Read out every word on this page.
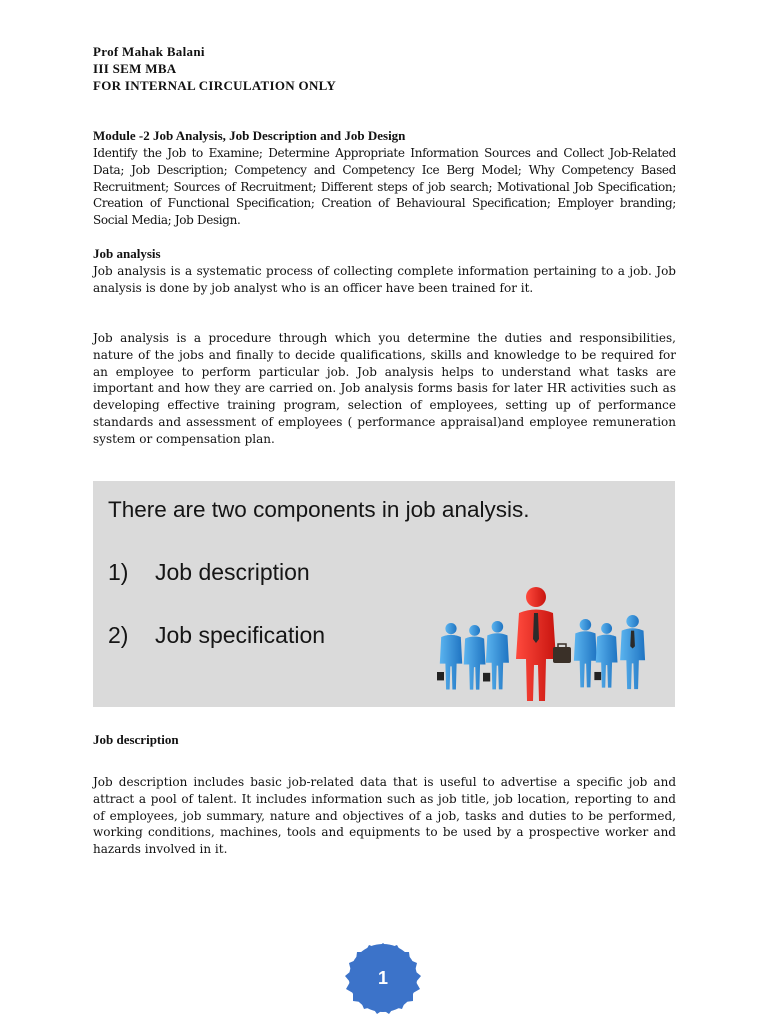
Prof Mahak Balani
III SEM MBA
FOR INTERNAL CIRCULATION ONLY
Module -2 Job Analysis, Job Description and Job Design

Identify the Job to Examine; Determine Appropriate Information Sources and Collect Job-Related Data; Job Description; Competency and Competency Ice Berg Model; Why Competency Based Recruitment; Sources of Recruitment; Different steps of job search; Motivational Job Specification; Creation of Functional Specification; Creation of Behavioural Specification; Employer branding; Social Media; Job Design.

Job analysis

Job analysis is a systematic process of collecting complete information pertaining to a job. Job analysis is done by job analyst who is an officer have been trained for it.

Job analysis is a procedure through which you determine the duties and responsibilities, nature of the jobs and finally to decide qualifications, skills and knowledge to be required for an employee to perform particular job. Job analysis helps to understand what tasks are important and how they are carried on. Job analysis forms basis for later HR activities such as developing effective training program, selection of employees, setting up of performance standards and assessment of employees ( performance appraisal)and employee remuneration system or compensation plan.

Job description

Job description includes basic job-related data that is useful to advertise a specific job and attract a pool of talent. It includes information such as job title, job location, reporting to and of employees, job summary, nature and objectives of a job, tasks and duties to be performed, working conditions, machines, tools and equipments to be used by a prospective worker and hazards involved in it.

There are two components in job analysis.
1) Job description
2) Job specification
1
